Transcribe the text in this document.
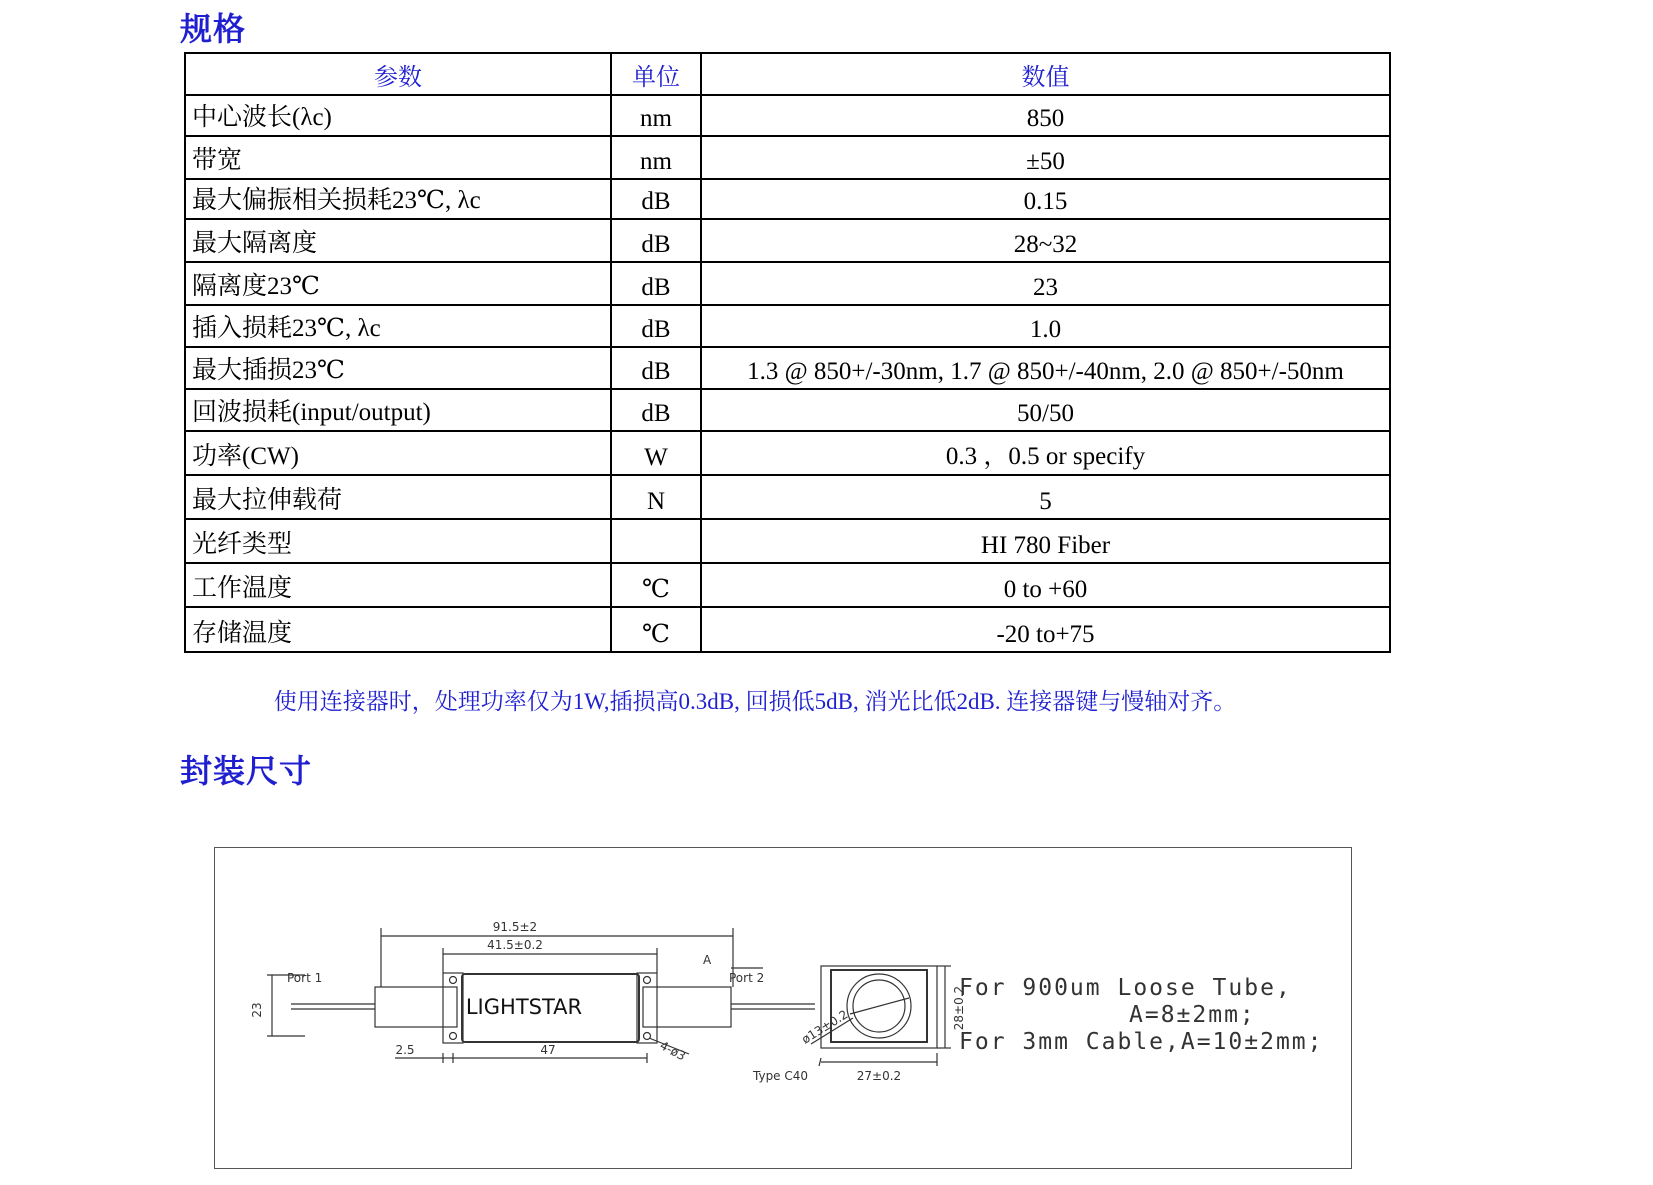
规格
参数	单位	数值
中心波长(λc)	nm	850
带宽	nm	±50
最大偏振相关损耗23℃, λc	dB	0.15
最大隔离度	dB	28~32
隔离度23℃	dB	23
插入损耗23℃, λc	dB	1.0
最大插损23℃	dB	1.3 @ 850+/-30nm, 1.7 @ 850+/-40nm, 2.0 @ 850+/-50nm
回波损耗(input/output)	dB	50/50
功率(CW)	W	0.3 ，0.5 or specify
最大拉伸载荷	N	5
光纤类型		HI 780 Fiber
工作温度	℃	0 to +60
存储温度	℃	-20 to+75
使用连接器时，处理功率仅为1W,插损高0.3dB, 回损低5dB, 消光比低2dB. 连接器键与慢轴对齐。
封装尺寸
91.5±2
41.5±0.2
A
Port 1	Port 2
23	LIGHTSTAR
2.5	47	4-ø3
Type C40
ø13±0.2
27±0.2
28±0.2
For 900um Loose Tube,
A=8±2mm;
For 3mm Cable,A=10±2mm;
